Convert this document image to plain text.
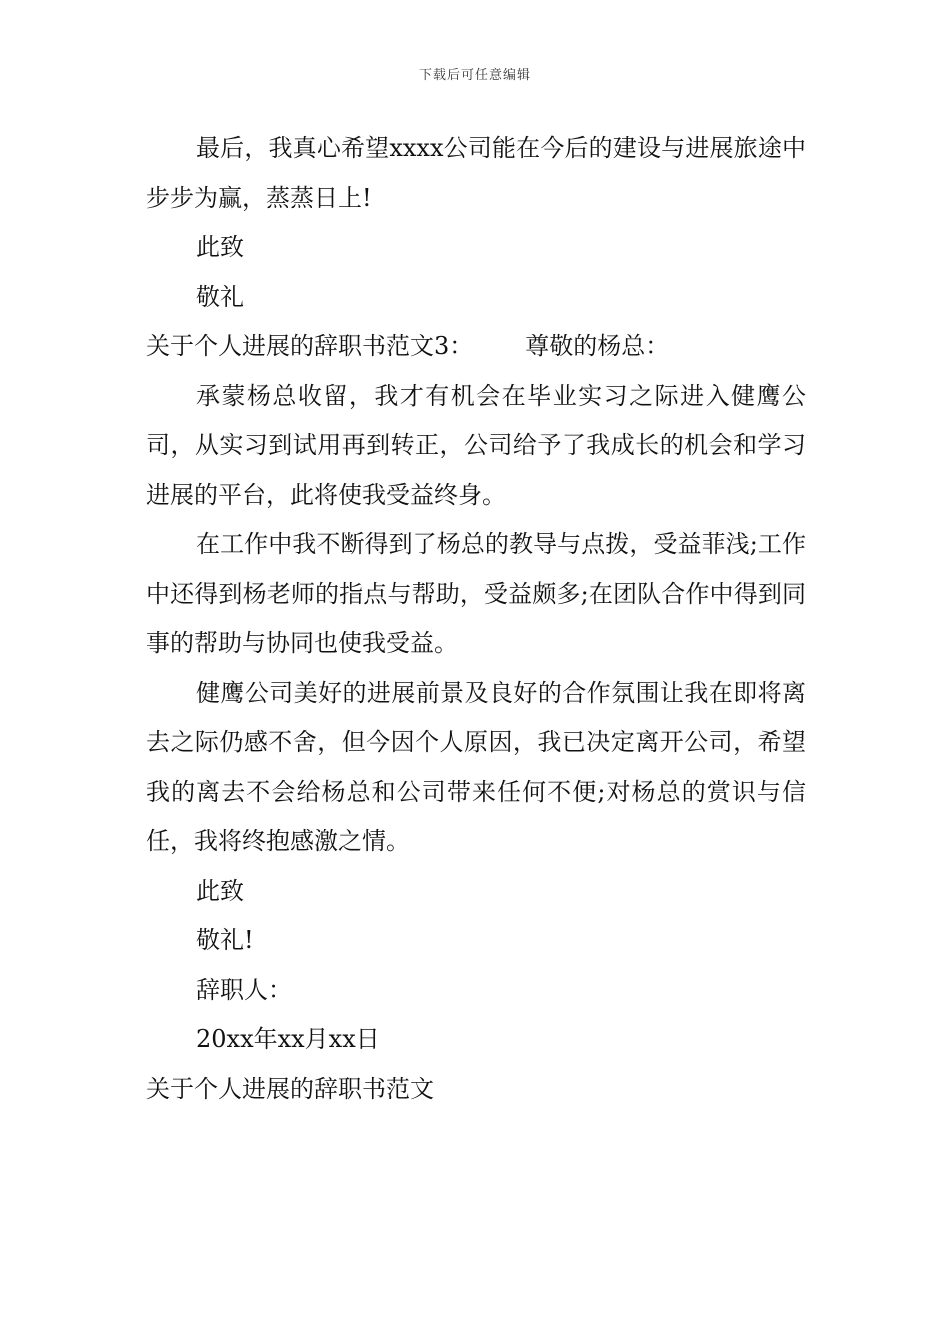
下载后可任意编辑

最后，我真心希望xxxx公司能在今后的建设与进展旅途中步步为赢，蒸蒸日上!

此致

敬礼

关于个人进展的辞职书范文3： 尊敬的杨总：

承蒙杨总收留，我才有机会在毕业实习之际进入健鹰公司，从实习到试用再到转正，公司给予了我成长的机会和学习进展的平台，此将使我受益终身。

在工作中我不断得到了杨总的教导与点拨，受益菲浅;工作中还得到杨老师的指点与帮助，受益颇多;在团队合作中得到同事的帮助与协同也使我受益。

健鹰公司美好的进展前景及良好的合作氛围让我在即将离去之际仍感不舍，但今因个人原因，我已决定离开公司，希望我的离去不会给杨总和公司带来任何不便;对杨总的赏识与信任，我将终抱感激之情。

此致

敬礼!

辞职人：

20xx年xx月xx日

关于个人进展的辞职书范文
